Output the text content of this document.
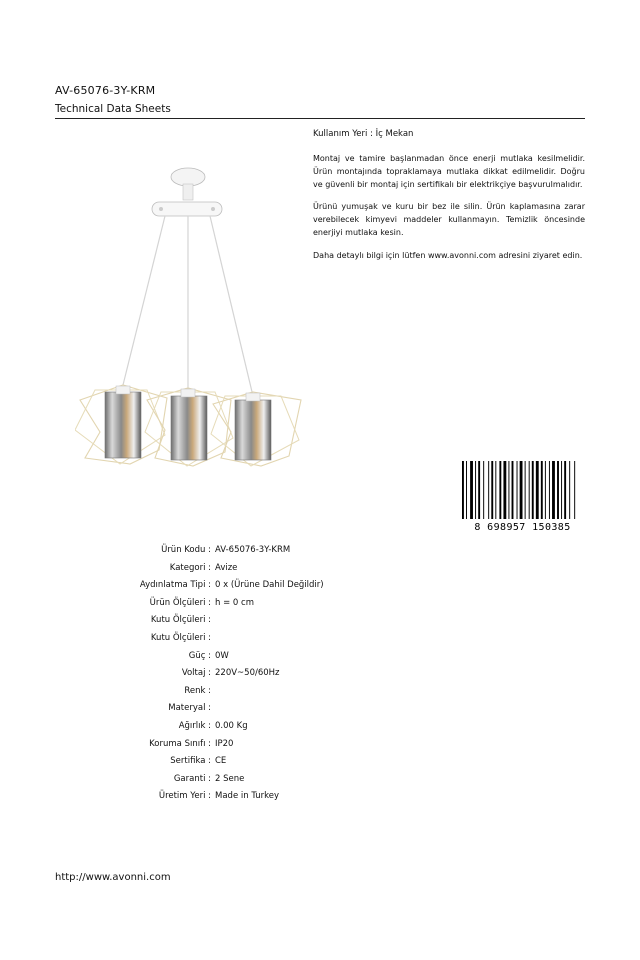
AV-65076-3Y-KRM
Technical Data Sheets
Kullanım Yeri : İç Mekan
Montaj ve tamire başlanmadan önce enerji mutlaka kesilmelidir. Ürün montajında topraklamaya mutlaka dikkat edilmelidir. Doğru ve güvenli bir montaj için sertifikalı bir elektrikçiye başvurulmalıdır.
Ürünü yumuşak ve kuru bir bez ile silin. Ürün kaplamasına zarar verebilecek kimyevi maddeler kullanmayın. Temizlik öncesinde enerjiyi mutlaka kesin.
Daha detaylı bilgi için lütfen www.avonni.com adresini ziyaret edin.
8 698957 150385
Ürün Kodu : AV-65076-3Y-KRM
Kategori : Avize
Aydınlatma Tipi : 0 x (Ürüne Dahil Değildir)
Ürün Ölçüleri : h = 0 cm
Kutu Ölçüleri :
Kutu Ölçüleri :
Güç : 0W
Voltaj : 220V~50/60Hz
Renk :
Materyal :
Ağırlık : 0.00 Kg
Koruma Sınıfı : IP20
Sertifika : CE
Garanti : 2 Sene
Üretim Yeri : Made in Turkey
http://www.avonni.com
